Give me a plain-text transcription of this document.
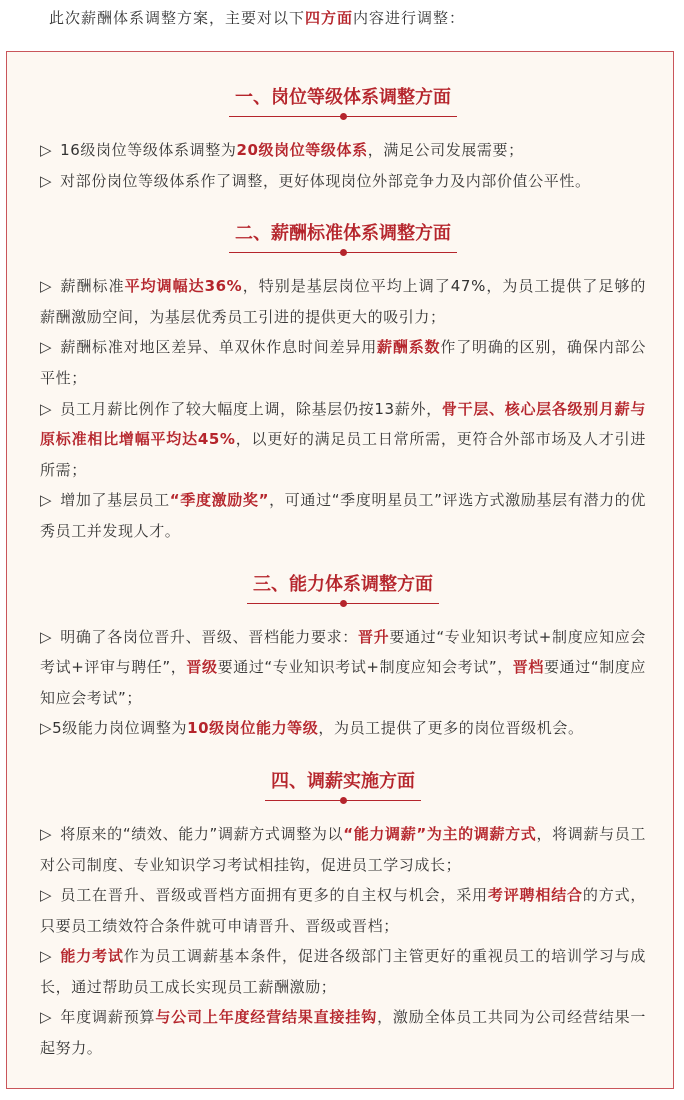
此次薪酬体系调整方案，主要对以下四方面内容进行调整：
一、岗位等级体系调整方面
▷ 16级岗位等级体系调整为20级岗位等级体系，满足公司发展需要；
▷ 对部份岗位等级体系作了调整，更好体现岗位外部竞争力及内部价值公平性。
二、薪酬标准体系调整方面
▷ 薪酬标准平均调幅达36%，特别是基层岗位平均上调了47%，为员工提供了足够的薪酬激励空间，为基层优秀员工引进的提供更大的吸引力；
▷ 薪酬标准对地区差异、单双休作息时间差异用薪酬系数作了明确的区别，确保内部公平性；
▷ 员工月薪比例作了较大幅度上调，除基层仍按13薪外，骨干层、核心层各级别月薪与原标准相比增幅平均达45%，以更好的满足员工日常所需，更符合外部市场及人才引进所需；
▷ 增加了基层员工“季度激励奖”，可通过“季度明星员工”评选方式激励基层有潜力的优秀员工并发现人才。
三、能力体系调整方面
▷ 明确了各岗位晋升、晋级、晋档能力要求：晋升要通过“专业知识考试+制度应知应会考试+评审与聘任”，晋级要通过“专业知识考试+制度应知会考试”，晋档要通过“制度应知应会考试”；
▷5级能力岗位调整为10级岗位能力等级，为员工提供了更多的岗位晋级机会。
四、调薪实施方面
▷ 将原来的“绩效、能力”调薪方式调整为以“能力调薪”为主的调薪方式，将调薪与员工对公司制度、专业知识学习考试相挂钩，促进员工学习成长；
▷ 员工在晋升、晋级或晋档方面拥有更多的自主权与机会，采用考评聘相结合的方式，只要员工绩效符合条件就可申请晋升、晋级或晋档；
▷ 能力考试作为员工调薪基本条件，促进各级部门主管更好的重视员工的培训学习与成长，通过帮助员工成长实现员工薪酬激励；
▷ 年度调薪预算与公司上年度经营结果直接挂钩，激励全体员工共同为公司经营结果一起努力。
